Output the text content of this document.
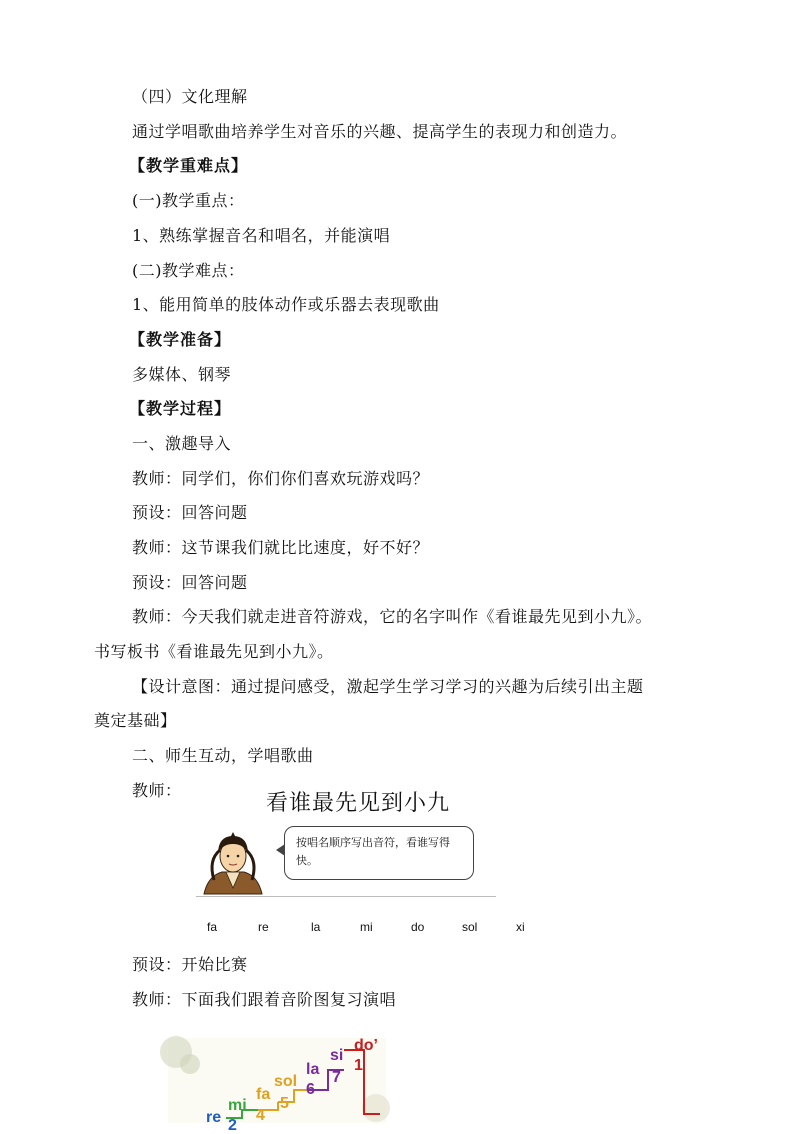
（四）文化理解
通过学唱歌曲培养学生对音乐的兴趣、提高学生的表现力和创造力。
【教学重难点】
(一)教学重点：
1、熟练掌握音名和唱名，并能演唱
(二)教学难点：
1、能用简单的肢体动作或乐器去表现歌曲
【教学准备】
多媒体、钢琴
【教学过程】
一、激趣导入
教师：同学们，你们你们喜欢玩游戏吗？
预设：回答问题
教师：这节课我们就比比速度，好不好？
预设：回答问题
教师：今天我们就走进音符游戏，它的名字叫作《看谁最先见到小九》。
书写板书《看谁最先见到小九》。
【设计意图：通过提问感受，激起学生学习学习的兴趣为后续引出主题
奠定基础】
二、师生互动，学唱歌曲
教师：
看谁最先见到小九
按唱名顺序写出音符，看谁写得快。
fa	re	la	mi	do	sol	xi
预设：开始比赛
教师：下面我们跟着音阶图复习演唱
re
mi
fa
sol
la
si
do’
2
4
5
6
7
1
